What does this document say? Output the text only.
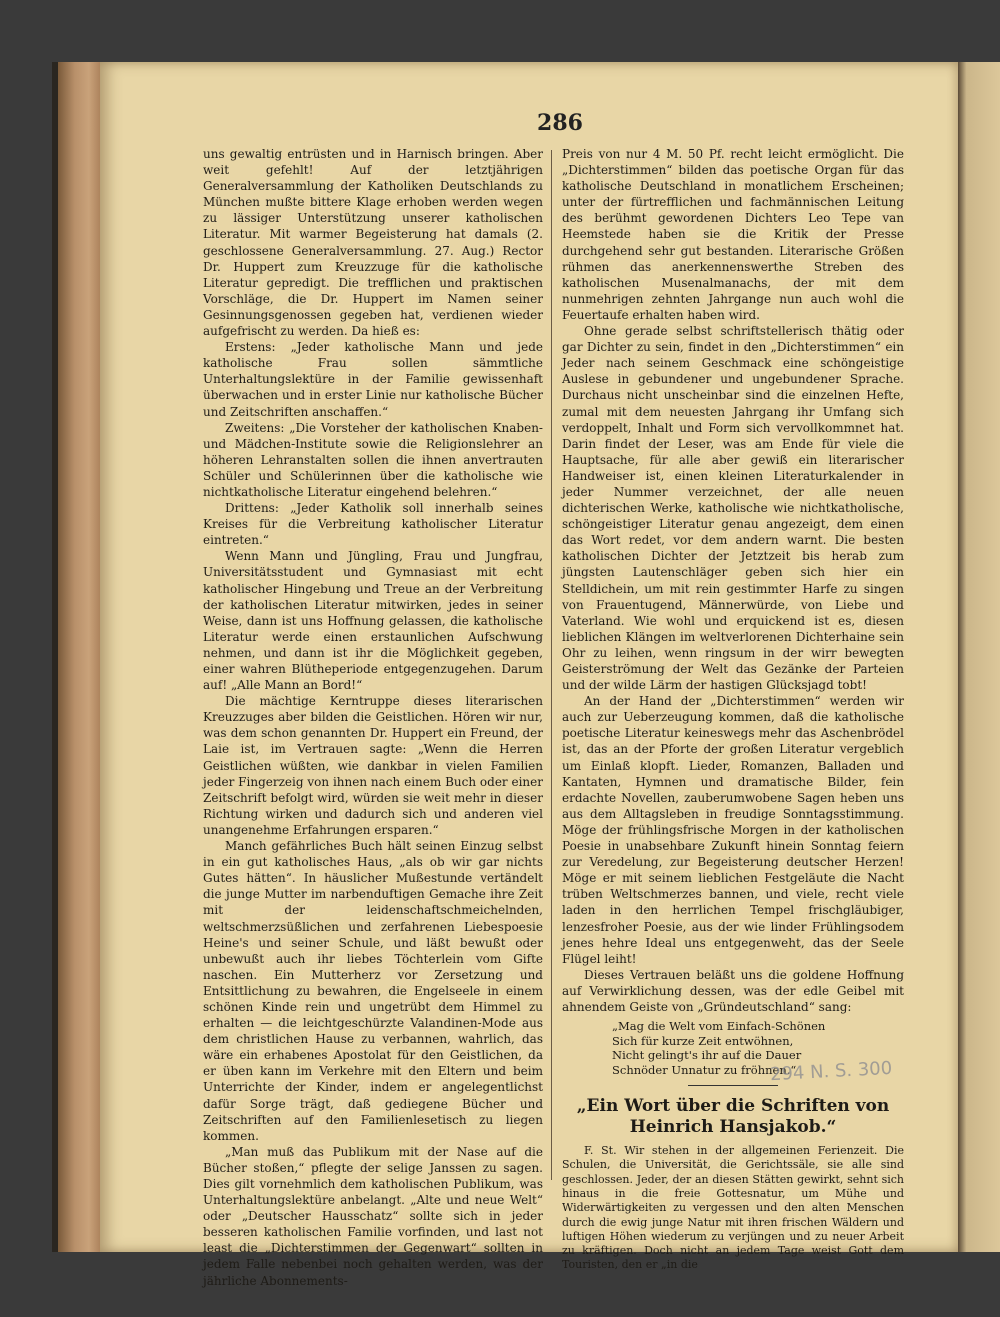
286

uns gewaltig entrüsten und in Harnisch bringen. Aber weit gefehlt! Auf der letztjährigen Generalversammlung der Katholiken Deutschlands zu München mußte bittere Klage erhoben werden wegen zu lässiger Unterstützung unserer katholischen Literatur. Mit warmer Begeisterung hat damals (2. geschlossene Generalversammlung. 27. Aug.) Rector Dr. Huppert zum Kreuzzuge für die katholische Literatur gepredigt. Die trefflichen und praktischen Vorschläge, die Dr. Huppert im Namen seiner Gesinnungsgenossen gegeben hat, verdienen wieder aufgefrischt zu werden. Da hieß es:

Erstens: „Jeder katholische Mann und jede katholische Frau sollen sämmtliche Unterhaltungslektüre in der Familie gewissenhaft überwachen und in erster Linie nur katholische Bücher und Zeitschriften anschaffen.“

Zweitens: „Die Vorsteher der katholischen Knaben- und Mädchen-Institute sowie die Religionslehrer an höheren Lehranstalten sollen die ihnen anvertrauten Schüler und Schülerinnen über die katholische wie nichtkatholische Literatur eingehend belehren.“

Drittens: „Jeder Katholik soll innerhalb seines Kreises für die Verbreitung katholischer Literatur eintreten.“

Wenn Mann und Jüngling, Frau und Jungfrau, Universitätsstudent und Gymnasiast mit echt katholischer Hingebung und Treue an der Verbreitung der katholischen Literatur mitwirken, jedes in seiner Weise, dann ist uns Hoffnung gelassen, die katholische Literatur werde einen erstaunlichen Aufschwung nehmen, und dann ist ihr die Möglichkeit gegeben, einer wahren Blütheperiode entgegenzugehen. Darum auf! „Alle Mann an Bord!“

Die mächtige Kerntruppe dieses literarischen Kreuzzuges aber bilden die Geistlichen. Hören wir nur, was dem schon genannten Dr. Huppert ein Freund, der Laie ist, im Vertrauen sagte: „Wenn die Herren Geistlichen wüßten, wie dankbar in vielen Familien jeder Fingerzeig von ihnen nach einem Buch oder einer Zeitschrift befolgt wird, würden sie weit mehr in dieser Richtung wirken und dadurch sich und anderen viel unangenehme Erfahrungen ersparen.“

Manch gefährliches Buch hält seinen Einzug selbst in ein gut katholisches Haus, „als ob wir gar nichts Gutes hätten“. In häuslicher Mußestunde vertändelt die junge Mutter im narbenduftigen Gemache ihre Zeit mit der leidenschaftschmeichelnden, weltschmerzsüßlichen und zerfahrenen Liebespoesie Heine's und seiner Schule, und läßt bewußt oder unbewußt auch ihr liebes Töchterlein vom Gifte naschen. Ein Mutterherz vor Zersetzung und Entsittlichung zu bewahren, die Engelseele in einem schönen Kinde rein und ungetrübt dem Himmel zu erhalten — die leichtgeschürzte Valandinen-Mode aus dem christlichen Hause zu verbannen, wahrlich, das wäre ein erhabenes Apostolat für den Geistlichen, da er üben kann im Verkehre mit den Eltern und beim Unterrichte der Kinder, indem er angelegentlichst dafür Sorge trägt, daß gediegene Bücher und Zeitschriften auf den Familienlesetisch zu liegen kommen.

„Man muß das Publikum mit der Nase auf die Bücher stoßen,“ pflegte der selige Janssen zu sagen. Dies gilt vornehmlich dem katholischen Publikum, was Unterhaltungslektüre anbelangt. „Alte und neue Welt“ oder „Deutscher Hausschatz“ sollte sich in jeder besseren katholischen Familie vorfinden, und last not least die „Dichterstimmen der Gegenwart“ sollten in jedem Falle nebenbei noch gehalten werden, was der jährliche Abonnements-

Preis von nur 4 M. 50 Pf. recht leicht ermöglicht. Die „Dichterstimmen“ bilden das poetische Organ für das katholische Deutschland in monatlichem Erscheinen; unter der fürtrefflichen und fachmännischen Leitung des berühmt gewordenen Dichters Leo Tepe van Heemstede haben sie die Kritik der Presse durchgehend sehr gut bestanden. Literarische Größen rühmen das anerkennenswerthe Streben des katholischen Musenalmanachs, der mit dem nunmehrigen zehnten Jahrgange nun auch wohl die Feuertaufe erhalten haben wird.

Ohne gerade selbst schriftstellerisch thätig oder gar Dichter zu sein, findet in den „Dichterstimmen“ ein Jeder nach seinem Geschmack eine schöngeistige Auslese in gebundener und ungebundener Sprache. Durchaus nicht unscheinbar sind die einzelnen Hefte, zumal mit dem neuesten Jahrgang ihr Umfang sich verdoppelt, Inhalt und Form sich vervollkommnet hat. Darin findet der Leser, was am Ende für viele die Hauptsache, für alle aber gewiß ein literarischer Handweiser ist, einen kleinen Literaturkalender in jeder Nummer verzeichnet, der alle neuen dichterischen Werke, katholische wie nichtkatholische, schöngeistiger Literatur genau angezeigt, dem einen das Wort redet, vor dem andern warnt. Die besten katholischen Dichter der Jetztzeit bis herab zum jüngsten Lautenschläger geben sich hier ein Stelldichein, um mit rein gestimmter Harfe zu singen von Frauentugend, Männerwürde, von Liebe und Vaterland. Wie wohl und erquickend ist es, diesen lieblichen Klängen im weltverlorenen Dichterhaine sein Ohr zu leihen, wenn ringsum in der wirr bewegten Geisterströmung der Welt das Gezänke der Parteien und der wilde Lärm der hastigen Glücksjagd tobt!

An der Hand der „Dichterstimmen“ werden wir auch zur Ueberzeugung kommen, daß die katholische poetische Literatur keineswegs mehr das Aschenbrödel ist, das an der Pforte der großen Literatur vergeblich um Einlaß klopft. Lieder, Romanzen, Balladen und Kantaten, Hymnen und dramatische Bilder, fein erdachte Novellen, zauberumwobene Sagen heben uns aus dem Alltagsleben in freudige Sonntagsstimmung. Möge der frühlingsfrische Morgen in der katholischen Poesie in unabsehbare Zukunft hinein Sonntag feiern zur Veredelung, zur Begeisterung deutscher Herzen! Möge er mit seinem lieblichen Festgeläute die Nacht trüben Weltschmerzes bannen, und viele, recht viele laden in den herrlichen Tempel frischgläubiger, lenzesfroher Poesie, aus der wie linder Frühlingsodem jenes hehre Ideal uns entgegenweht, das der Seele Flügel leiht!

Dieses Vertrauen beläßt uns die goldene Hoffnung auf Verwirklichung dessen, was der edle Geibel mit ahnendem Geiste von „Gründeutschland“ sang:

„Mag die Welt vom Einfach-Schönen
Sich für kurze Zeit entwöhnen,
Nicht gelingt's ihr auf die Dauer
Schnöder Unnatur zu fröhnen.“
„Ein Wort über die Schriften von Heinrich Hansjakob.“

F. St. Wir stehen in der allgemeinen Ferienzeit. Die Schulen, die Universität, die Gerichtssäle, sie alle sind geschlossen. Jeder, der an diesen Stätten gewirkt, sehnt sich hinaus in die freie Gottesnatur, um Mühe und Widerwärtigkeiten zu vergessen und den alten Menschen durch die ewig junge Natur mit ihren frischen Wäldern und luftigen Höhen wiederum zu verjüngen und zu neuer Arbeit zu kräftigen. Doch nicht an jedem Tage weist Gott dem Touristen, den er „in die

294 N. S. 300
